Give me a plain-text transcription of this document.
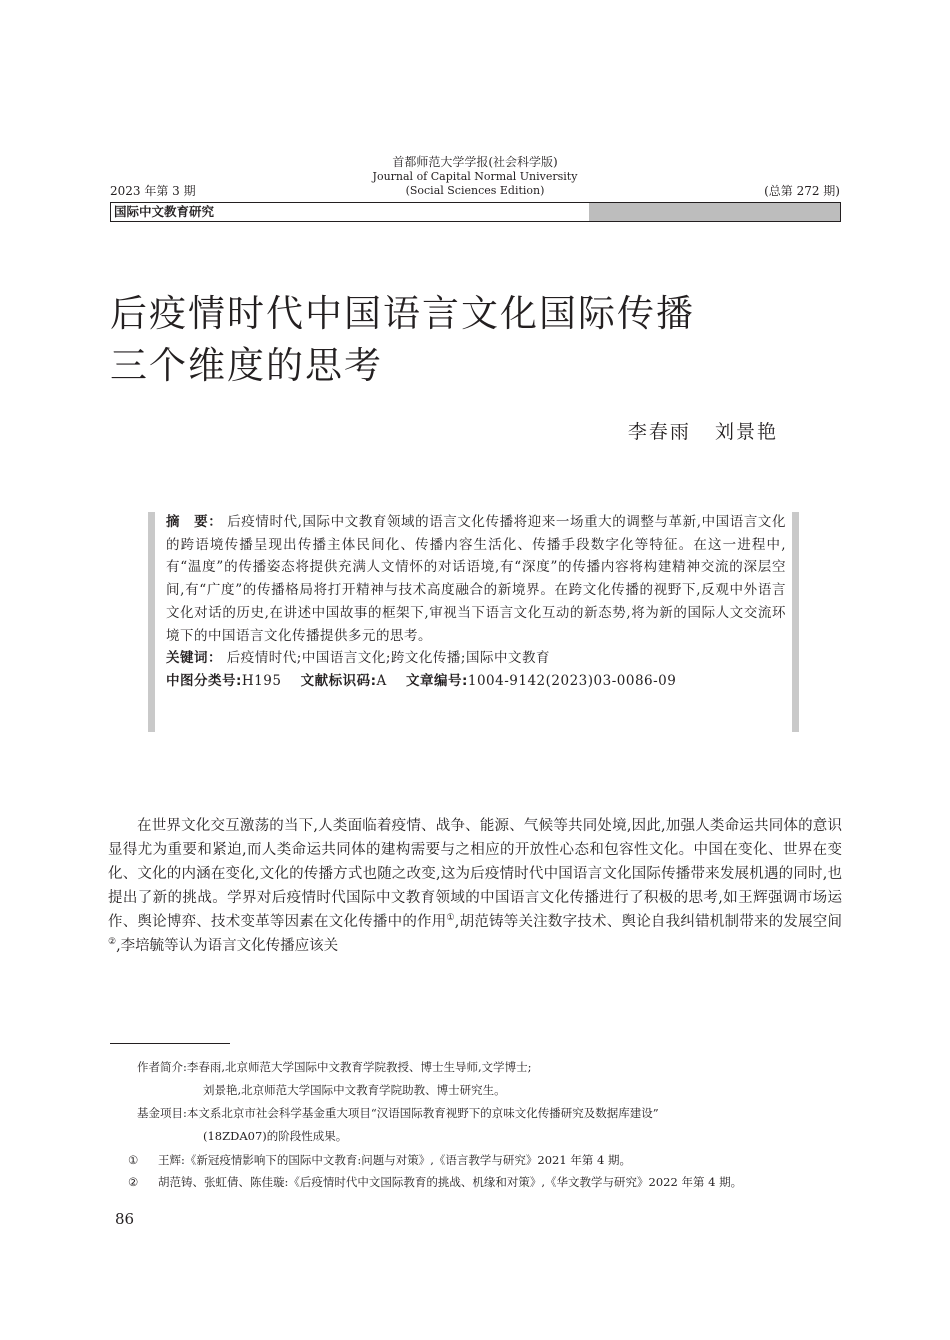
首都师范大学学报(社会科学版)
Journal of Capital Normal University
(Social Sciences Edition)
2023 年第 3 期	(总第 272 期)
国际中文教育研究
后疫情时代中国语言文化国际传播
三个维度的思考
李春雨   刘景艳

摘　要： 后疫情时代,国际中文教育领域的语言文化传播将迎来一场重大的调整与革新,中国语言文化的跨语境传播呈现出传播主体民间化、传播内容生活化、传播手段数字化等特征。在这一进程中,有“温度”的传播姿态将提供充满人文情怀的对话语境,有“深度”的传播内容将构建精神交流的深层空间,有“广度”的传播格局将打开精神与技术高度融合的新境界。在跨文化传播的视野下,反观中外语言文化对话的历史,在讲述中国故事的框架下,审视当下语言文化互动的新态势,将为新的国际人文交流环境下的中国语言文化传播提供多元的思考。

关键词： 后疫情时代;中国语言文化;跨文化传播;国际中文教育

中图分类号:H195 文献标识码:A 文章编号:1004-9142(2023)03-0086-09

在世界文化交互激荡的当下,人类面临着疫情、战争、能源、气候等共同处境,因此,加强人类命运共同体的意识显得尤为重要和紧迫,而人类命运共同体的建构需要与之相应的开放性心态和包容性文化。中国在变化、世界在变化、文化的内涵在变化,文化的传播方式也随之改变,这为后疫情时代中国语言文化国际传播带来发展机遇的同时,也提出了新的挑战。学界对后疫情时代国际中文教育领域的中国语言文化传播进行了积极的思考,如王辉强调市场运作、舆论博弈、技术变革等因素在文化传播中的作用①,胡范铸等关注数字技术、舆论自我纠错机制带来的发展空间②,李培毓等认为语言文化传播应该关

作者简介:李春雨,北京师范大学国际中文教育学院教授、博士生导师,文学博士;
刘景艳,北京师范大学国际中文教育学院助教、博士研究生。
基金项目:本文系北京市社会科学基金重大项目“汉语国际教育视野下的京味文化传播研究及数据库建设”
(18ZDA07)的阶段性成果。
① 王辉:《新冠疫情影响下的国际中文教育:问题与对策》,《语言教学与研究》2021 年第 4 期。
② 胡范铸、张虹倩、陈佳璇:《后疫情时代中文国际教育的挑战、机缘和对策》,《华文教学与研究》2022 年第 4 期。
86
